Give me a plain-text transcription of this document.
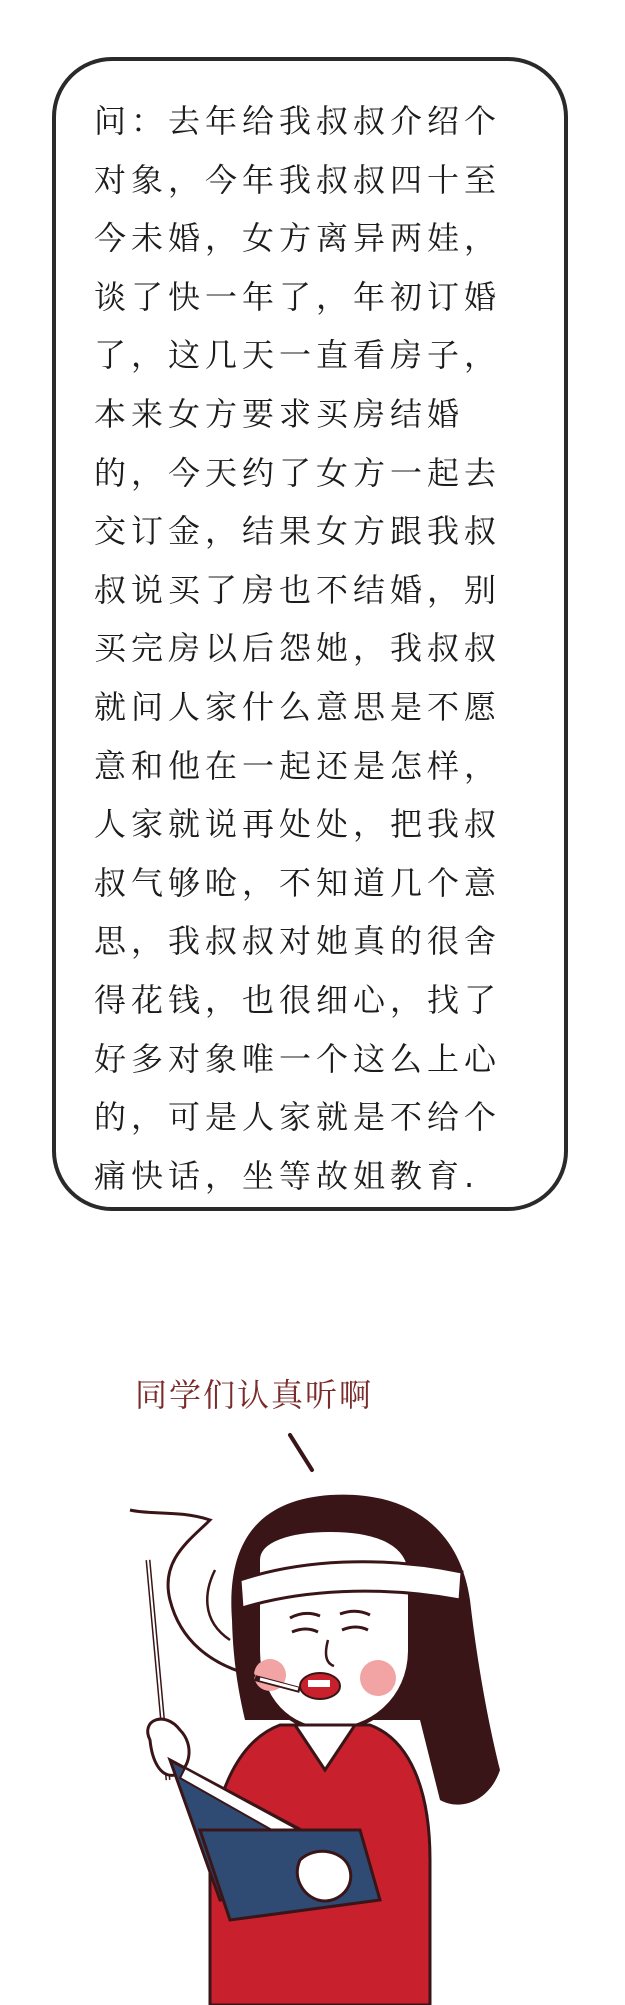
问：去年给我叔叔介绍个
对象，今年我叔叔四十至
今未婚，女方离异两娃，
谈了快一年了，年初订婚
了，这几天一直看房子，
本来女方要求买房结婚
的，今天约了女方一起去
交订金，结果女方跟我叔
叔说买了房也不结婚，别
买完房以后怨她，我叔叔
就问人家什么意思是不愿
意和他在一起还是怎样，
人家就说再处处，把我叔
叔气够呛，不知道几个意
思，我叔叔对她真的很舍
得花钱，也很细心，找了
好多对象唯一个这么上心
的，可是人家就是不给个
痛快话，坐等故姐教育.
同学们认真听啊
